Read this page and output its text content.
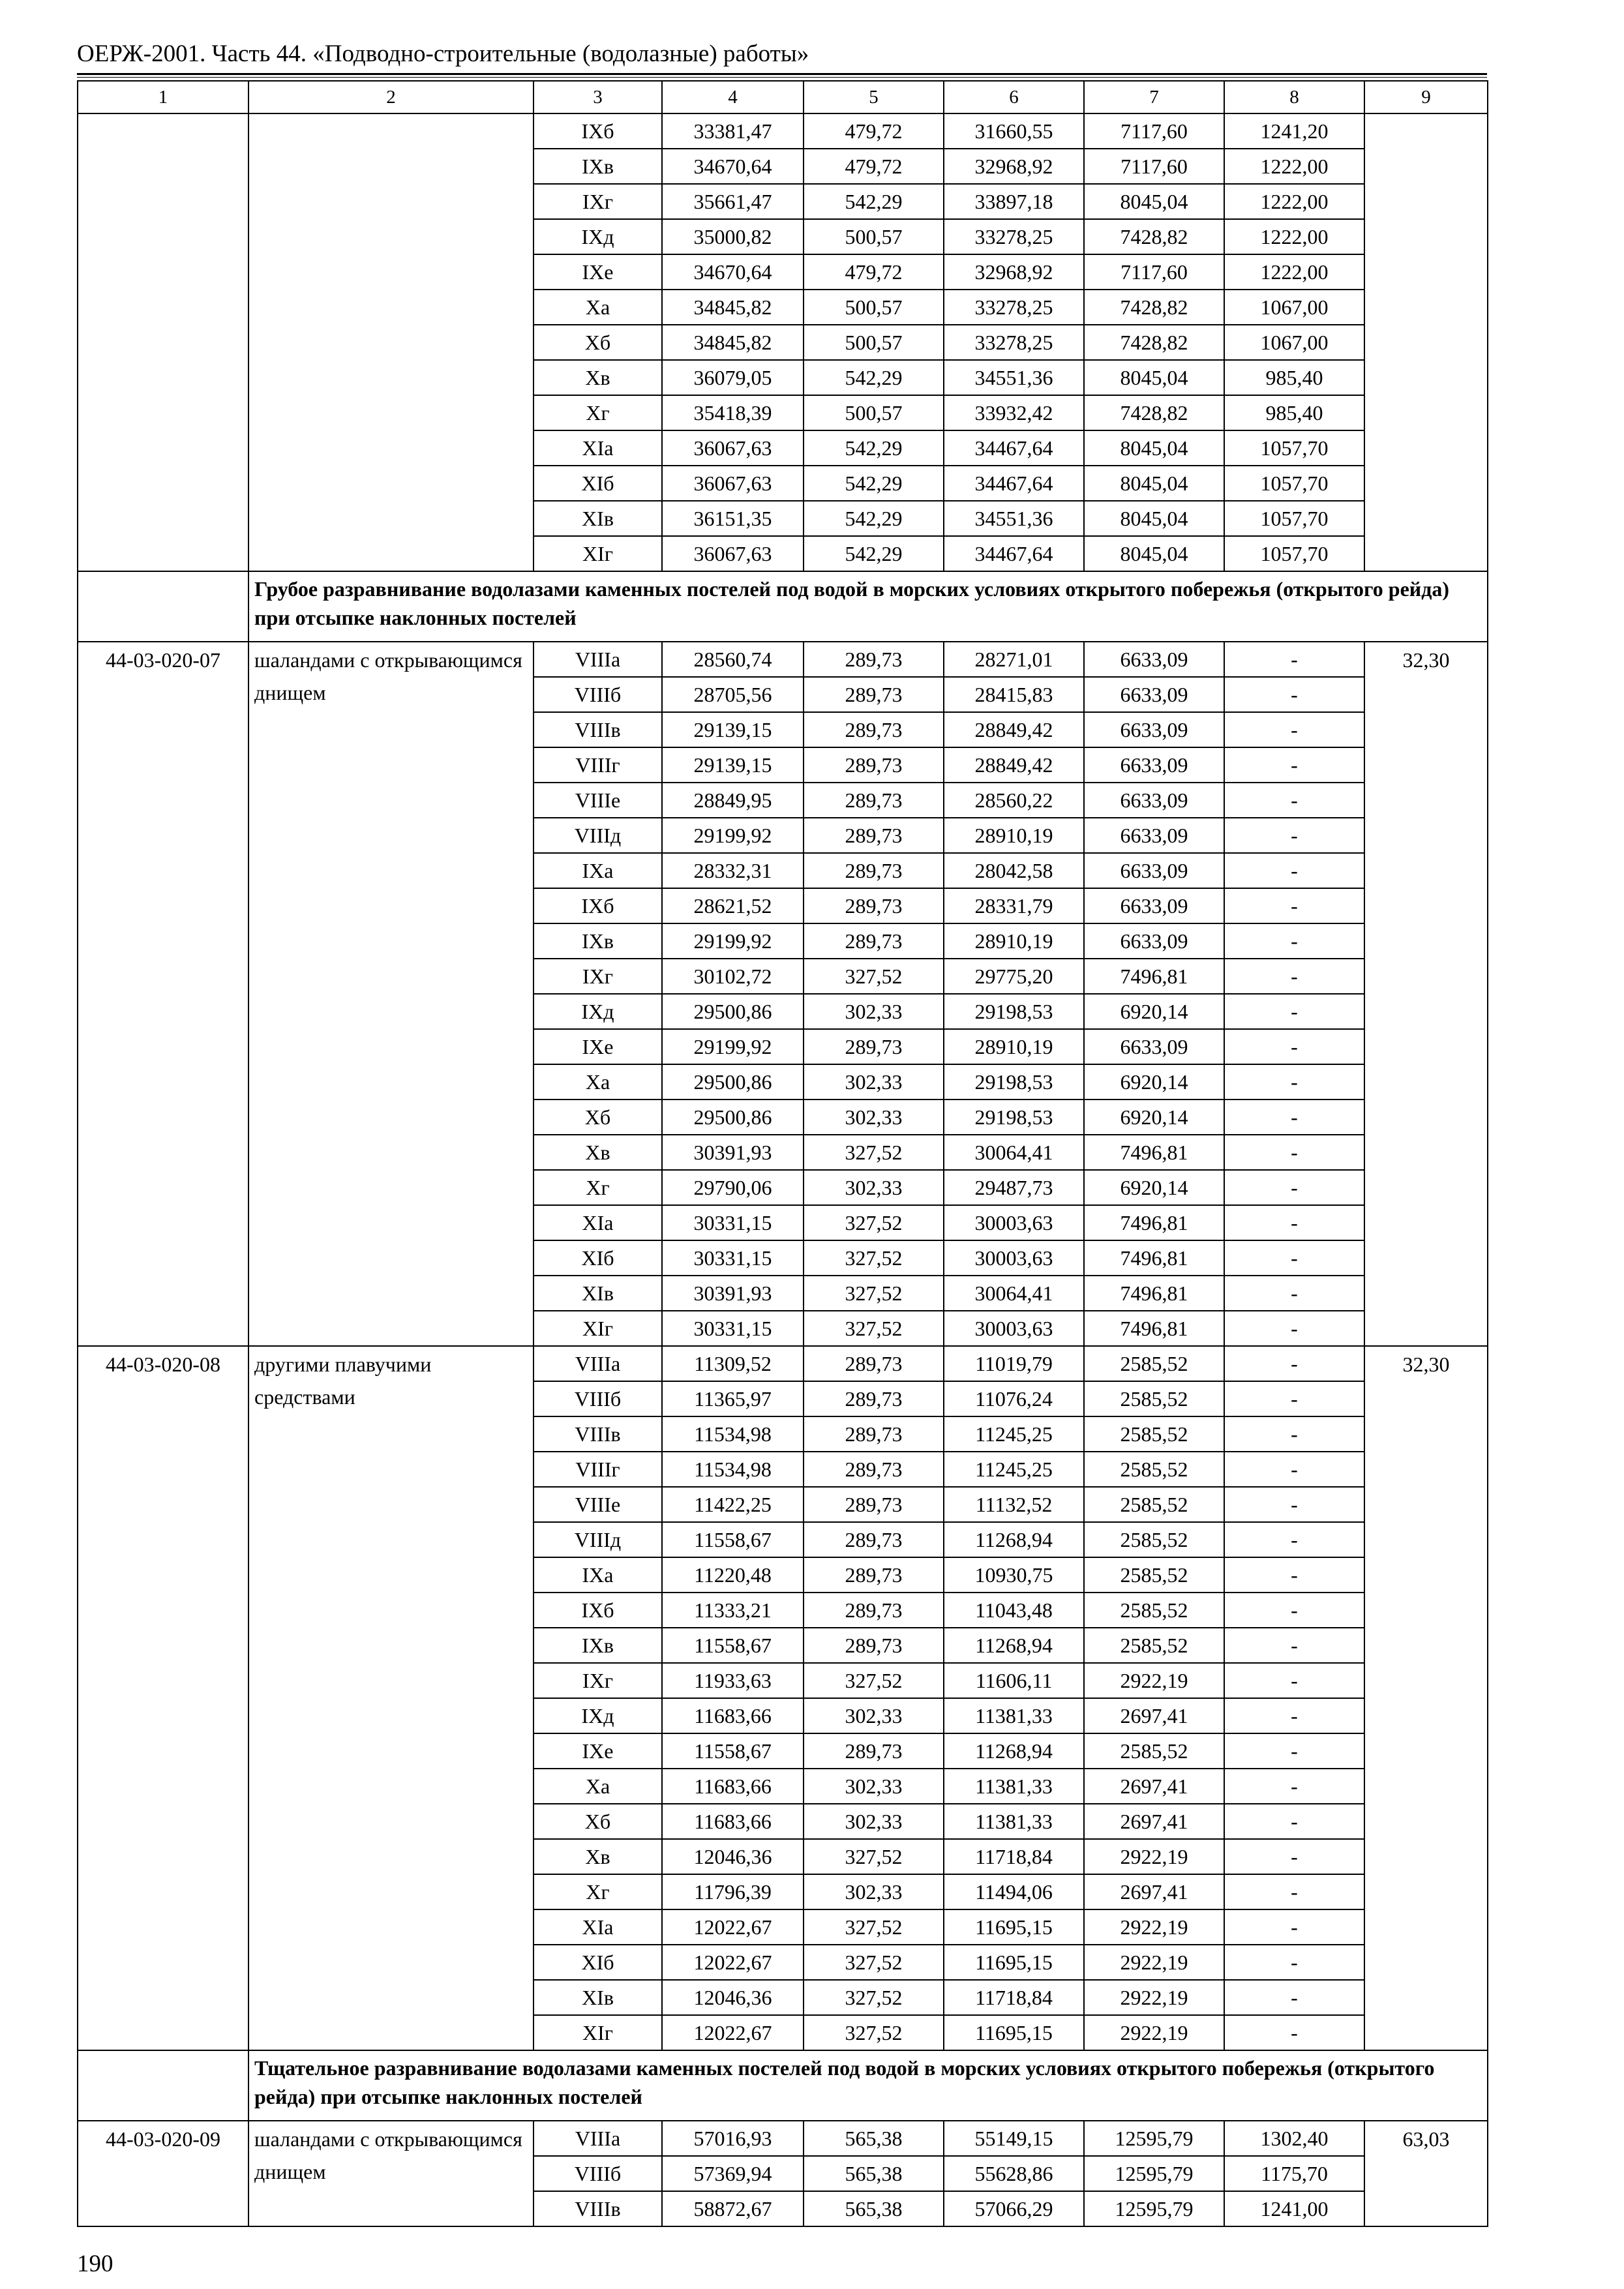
ОЕРЖ-2001. Часть 44. «Подводно-строительные (водолазные) работы»
1	2	3	4	5	6	7	8	9
		IXб	33381,47	479,72	31660,55	7117,60	1241,20	
		IXв	34670,64	479,72	32968,92	7117,60	1222,00	
		IXг	35661,47	542,29	33897,18	8045,04	1222,00	
		IXд	35000,82	500,57	33278,25	7428,82	1222,00	
		IXе	34670,64	479,72	32968,92	7117,60	1222,00	
		Xа	34845,82	500,57	33278,25	7428,82	1067,00	
		Xб	34845,82	500,57	33278,25	7428,82	1067,00	
		Xв	36079,05	542,29	34551,36	8045,04	985,40	
		Xг	35418,39	500,57	33932,42	7428,82	985,40	
		XIа	36067,63	542,29	34467,64	8045,04	1057,70	
		XIб	36067,63	542,29	34467,64	8045,04	1057,70	
		XIв	36151,35	542,29	34551,36	8045,04	1057,70	
		XIг	36067,63	542,29	34467,64	8045,04	1057,70	
	Грубое разравнивание водолазами каменных постелей под водой в морских условиях открытого побережья (открытого рейда) при отсыпке наклонных постелей							
44-03-020-07	шаландами с открывающимся днищем	VIIIа	28560,74	289,73	28271,01	6633,09	-	32,30
		VIIIб	28705,56	289,73	28415,83	6633,09	-	
		VIIIв	29139,15	289,73	28849,42	6633,09	-	
		VIIIг	29139,15	289,73	28849,42	6633,09	-	
		VIIIе	28849,95	289,73	28560,22	6633,09	-	
		VIIIд	29199,92	289,73	28910,19	6633,09	-	
		IXа	28332,31	289,73	28042,58	6633,09	-	
		IXб	28621,52	289,73	28331,79	6633,09	-	
		IXв	29199,92	289,73	28910,19	6633,09	-	
		IXг	30102,72	327,52	29775,20	7496,81	-	
		IXд	29500,86	302,33	29198,53	6920,14	-	
		IXе	29199,92	289,73	28910,19	6633,09	-	
		Xа	29500,86	302,33	29198,53	6920,14	-	
		Xб	29500,86	302,33	29198,53	6920,14	-	
		Xв	30391,93	327,52	30064,41	7496,81	-	
		Xг	29790,06	302,33	29487,73	6920,14	-	
		XIа	30331,15	327,52	30003,63	7496,81	-	
		XIб	30331,15	327,52	30003,63	7496,81	-	
		XIв	30391,93	327,52	30064,41	7496,81	-	
		XIг	30331,15	327,52	30003,63	7496,81	-	
44-03-020-08	другими плавучими средствами	VIIIа	11309,52	289,73	11019,79	2585,52	-	32,30
		VIIIб	11365,97	289,73	11076,24	2585,52	-	
		VIIIв	11534,98	289,73	11245,25	2585,52	-	
		VIIIг	11534,98	289,73	11245,25	2585,52	-	
		VIIIе	11422,25	289,73	11132,52	2585,52	-	
		VIIIд	11558,67	289,73	11268,94	2585,52	-	
		IXа	11220,48	289,73	10930,75	2585,52	-	
		IXб	11333,21	289,73	11043,48	2585,52	-	
		IXв	11558,67	289,73	11268,94	2585,52	-	
		IXг	11933,63	327,52	11606,11	2922,19	-	
		IXд	11683,66	302,33	11381,33	2697,41	-	
		IXе	11558,67	289,73	11268,94	2585,52	-	
		Xа	11683,66	302,33	11381,33	2697,41	-	
		Xб	11683,66	302,33	11381,33	2697,41	-	
		Xв	12046,36	327,52	11718,84	2922,19	-	
		Xг	11796,39	302,33	11494,06	2697,41	-	
		XIа	12022,67	327,52	11695,15	2922,19	-	
		XIб	12022,67	327,52	11695,15	2922,19	-	
		XIв	12046,36	327,52	11718,84	2922,19	-	
		XIг	12022,67	327,52	11695,15	2922,19	-	
	Тщательное разравнивание водолазами каменных постелей под водой в морских условиях открытого побережья (открытого рейда) при отсыпке наклонных постелей							
44-03-020-09	шаландами с открывающимся днищем	VIIIа	57016,93	565,38	55149,15	12595,79	1302,40	63,03
		VIIIб	57369,94	565,38	55628,86	12595,79	1175,70	
		VIIIв	58872,67	565,38	57066,29	12595,79	1241,00	
190
